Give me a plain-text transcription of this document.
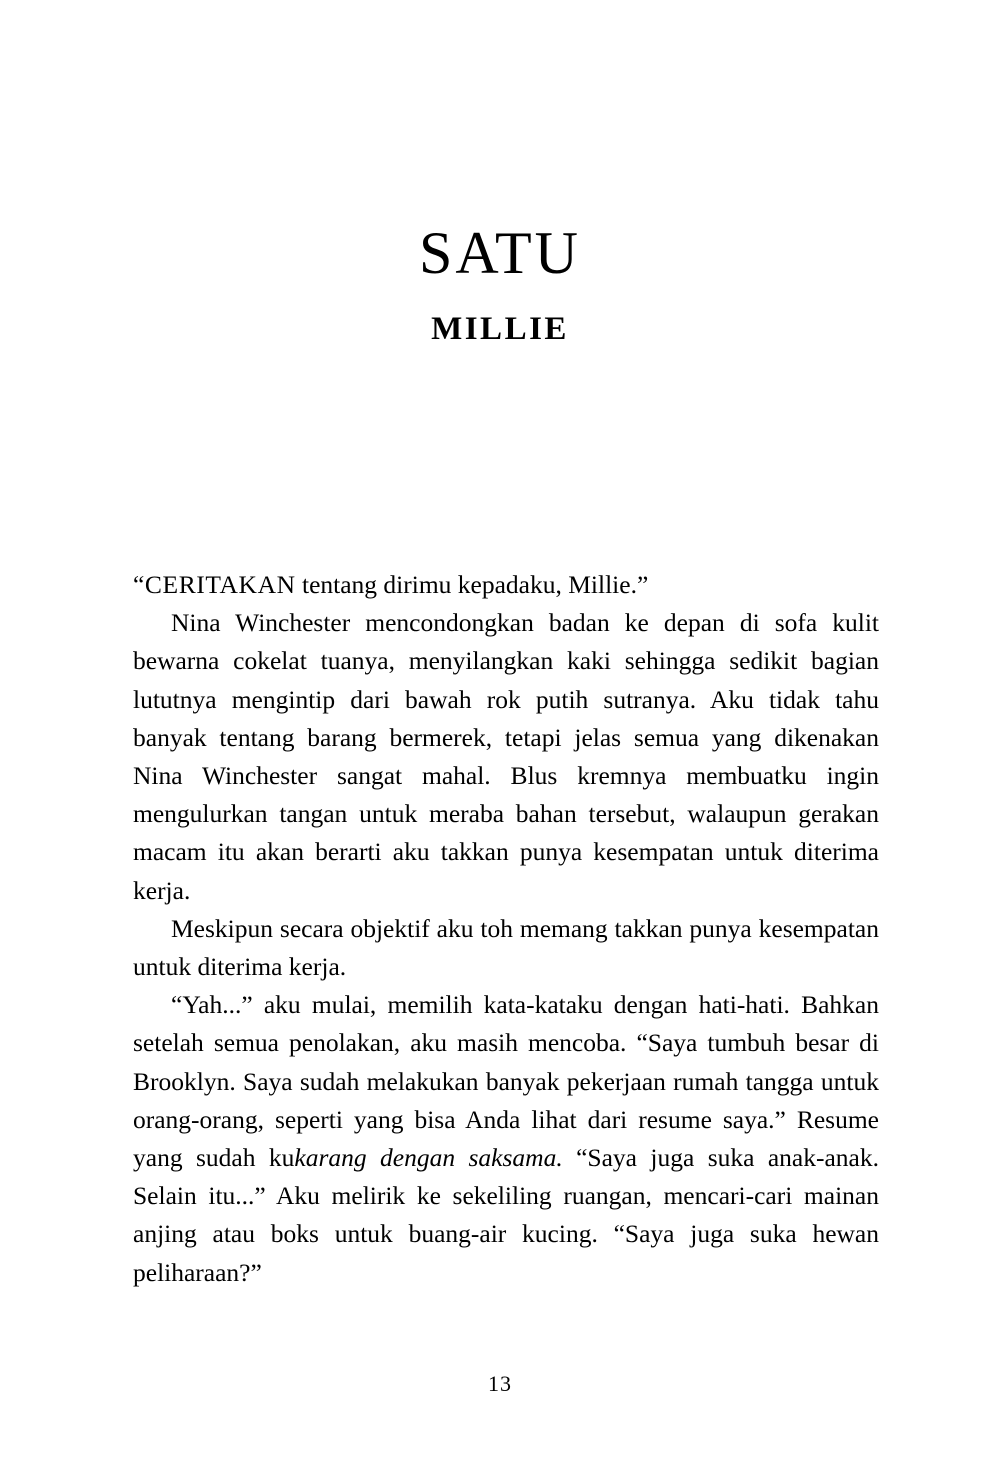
SATU
MILLIE

“CERITAKAN tentang dirimu kepadaku, Millie.”

Nina Winchester mencondongkan badan ke depan di sofa kulit bewarna cokelat tuanya, menyilangkan kaki sehingga sedikit bagian lututnya mengintip dari bawah rok putih sutranya. Aku tidak tahu banyak tentang barang bermerek, tetapi jelas semua yang dikenakan Nina Winchester sangat mahal. Blus kremnya membuatku ingin mengulurkan tangan untuk meraba bahan tersebut, walaupun gerakan macam itu akan berarti aku takkan punya kesempatan untuk diterima kerja.

Meskipun secara objektif aku toh memang takkan punya kesempatan untuk diterima kerja.

“Yah...” aku mulai, memilih kata-kataku dengan hati-hati. Bahkan setelah semua penolakan, aku masih mencoba. “Saya tumbuh besar di Brooklyn. Saya sudah melakukan banyak pekerjaan rumah tangga untuk orang-orang, seperti yang bisa Anda lihat dari resume saya.” Resume yang sudah kukarang dengan saksama. “Saya juga suka anak-anak. Selain itu...” Aku melirik ke sekeliling ruangan, mencari-cari mainan anjing atau boks untuk buang-air kucing. “Saya juga suka hewan peliharaan?”

13
